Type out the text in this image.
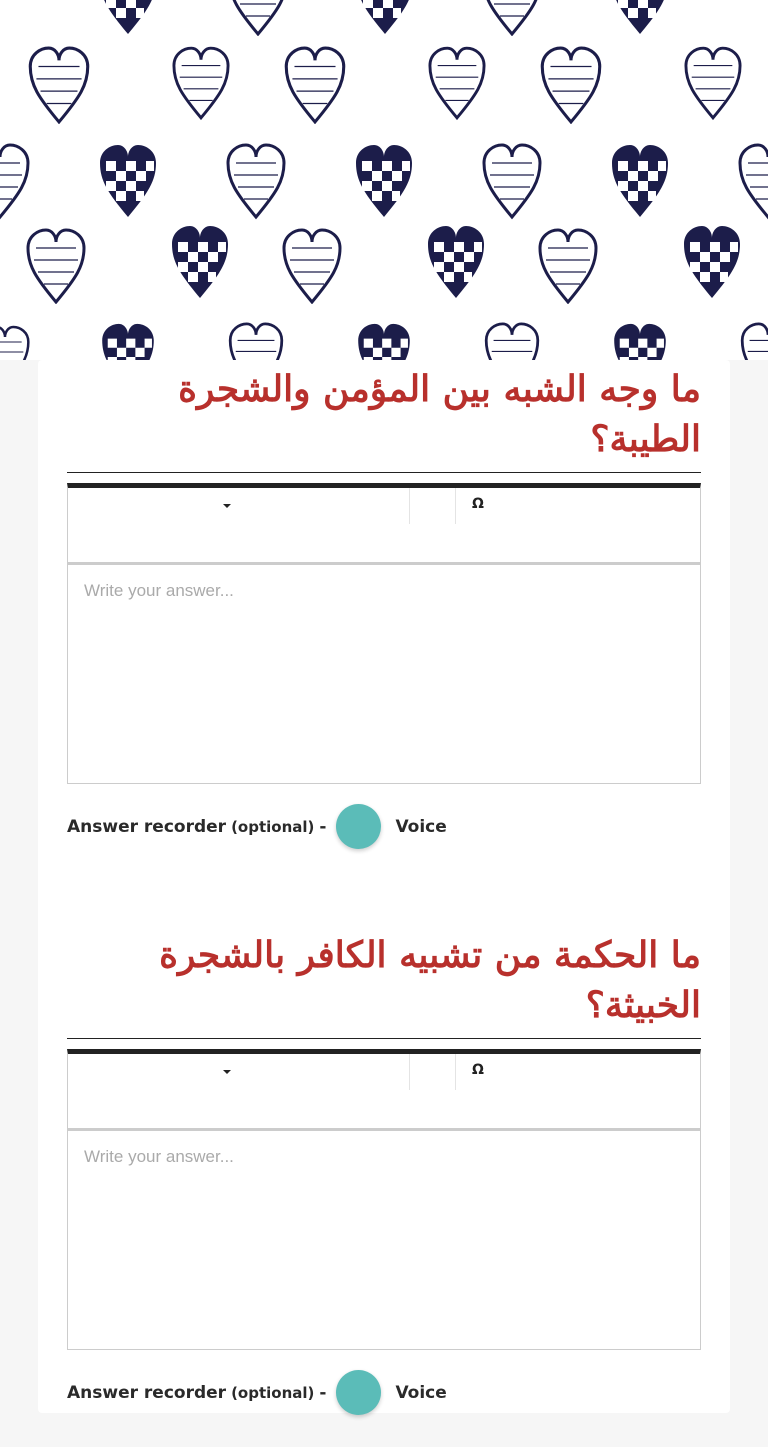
ما وجه الشبه بين المؤمن والشجرة الطيبة؟
Ω
Write your answer...
Answer recorder (optional) -	Voice
ما الحكمة من تشبيه الكافر بالشجرة الخبيثة؟
Ω
Write your answer...
Answer recorder (optional) -	Voice
